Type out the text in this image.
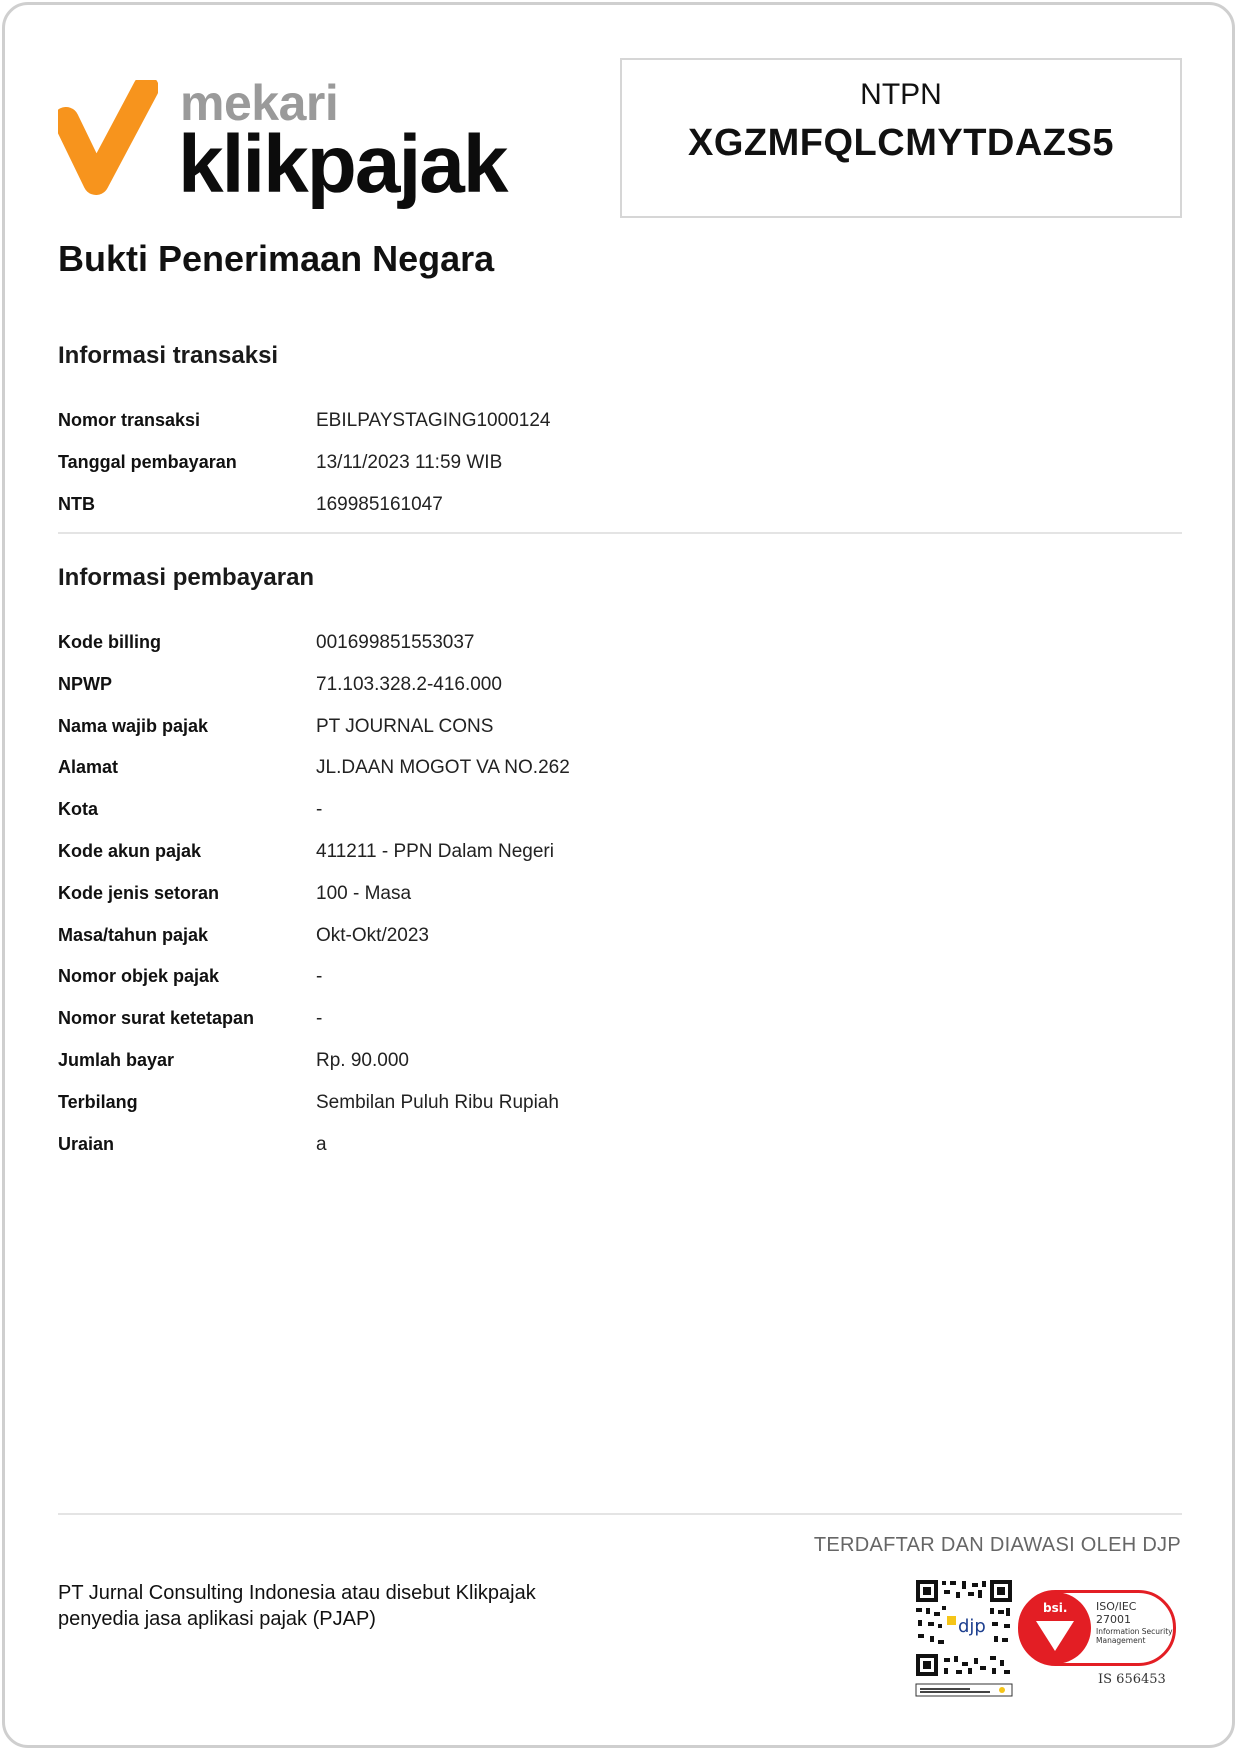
mekari
klikpajak
NTPN
XGZMFQLCMYTDAZS5
Bukti Penerimaan Negara
Informasi transaksi
Nomor transaksi	EBILPAYSTAGING1000124
Tanggal pembayaran	13/11/2023 11:59 WIB
NTB	169985161047
Informasi pembayaran
Kode billing	001699851553037
NPWP	71.103.328.2-416.000
Nama wajib pajak	PT JOURNAL CONS
Alamat	JL.DAAN MOGOT VA NO.262
Kota	-
Kode akun pajak	411211 - PPN Dalam Negeri
Kode jenis setoran	100 - Masa
Masa/tahun pajak	Okt-Okt/2023
Nomor objek pajak	-
Nomor surat ketetapan	-
Jumlah bayar	Rp. 90.000
Terbilang	Sembilan Puluh Ribu Rupiah
Uraian	a
TERDAFTAR DAN DIAWASI OLEH DJP
PT Jurnal Consulting Indonesia atau disebut Klikpajak
penyedia jasa aplikasi pajak (PJAP)	djp
bsi.	ISO/IEC
27001
Information Security
Management
IS 656453
